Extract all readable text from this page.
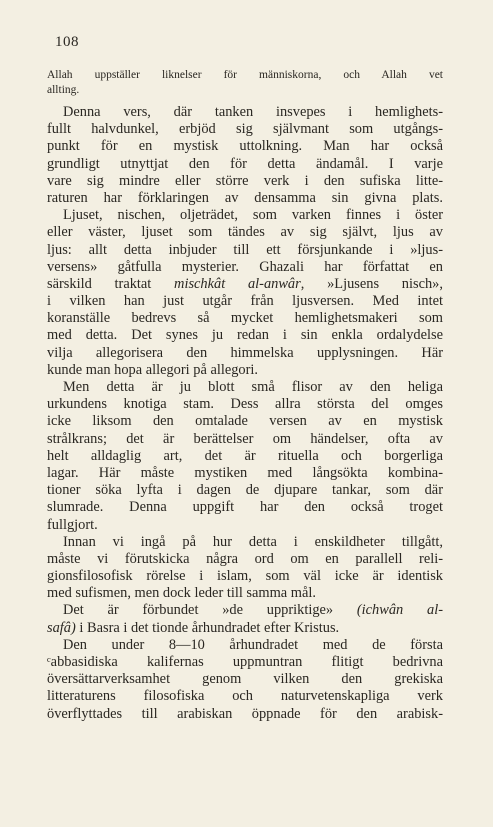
108
Allah uppställer liknelser för människorna, och Allah vet
allting.
Denna vers, där tanken insvepes i hemlighets-
fullt halvdunkel, erbjöd sig självmant som utgångs-
punkt för en mystisk uttolkning. Man har också
grundligt utnyttjat den för detta ändamål. I varje
vare sig mindre eller större verk i den sufiska litte-
raturen har förklaringen av densamma sin givna plats.
Ljuset, nischen, oljeträdet, som varken finnes i öster
eller väster, ljuset som tändes av sig självt, ljus av
ljus: allt detta inbjuder till ett försjunkande i »ljus-
versens» gåtfulla mysterier. Ghazali har författat en
särskild traktat mischkât al-anwâr, »Ljusens nisch»,
i vilken han just utgår från ljusversen. Med intet
koranställe bedrevs så mycket hemlighetsmakeri som
med detta. Det synes ju redan i sin enkla ordalydelse
vilja allegorisera den himmelska upplysningen. Här
kunde man hopa allegori på allegori.
Men detta är ju blott små flisor av den heliga
urkundens knotiga stam. Dess allra största del omges
icke liksom den omtalade versen av en mystisk
strålkrans; det är berättelser om händelser, ofta av
helt alldaglig art, det är rituella och borgerliga
lagar. Här måste mystiken med långsökta kombina-
tioner söka lyfta i dagen de djupare tankar, som där
slumrade. Denna uppgift har den också troget
fullgjort.
Innan vi ingå på hur detta i enskildheter tillgått,
måste vi förutskicka några ord om en parallell reli-
gionsfilosofisk rörelse i islam, som väl icke är identisk
med sufismen, men dock leder till samma mål.
Det är förbundet »de uppriktige» (ichwân al-
safâ) i Basra i det tionde århundradet efter Kristus.
Den under 8—10 århundradet med de första
ᶜabbasidiska kalifernas uppmuntran flitigt bedrivna
översättarverksamhet genom vilken den grekiska
litteraturens filosofiska och naturvetenskapliga verk
överflyttades till arabiskan öppnade för den arabisk-
